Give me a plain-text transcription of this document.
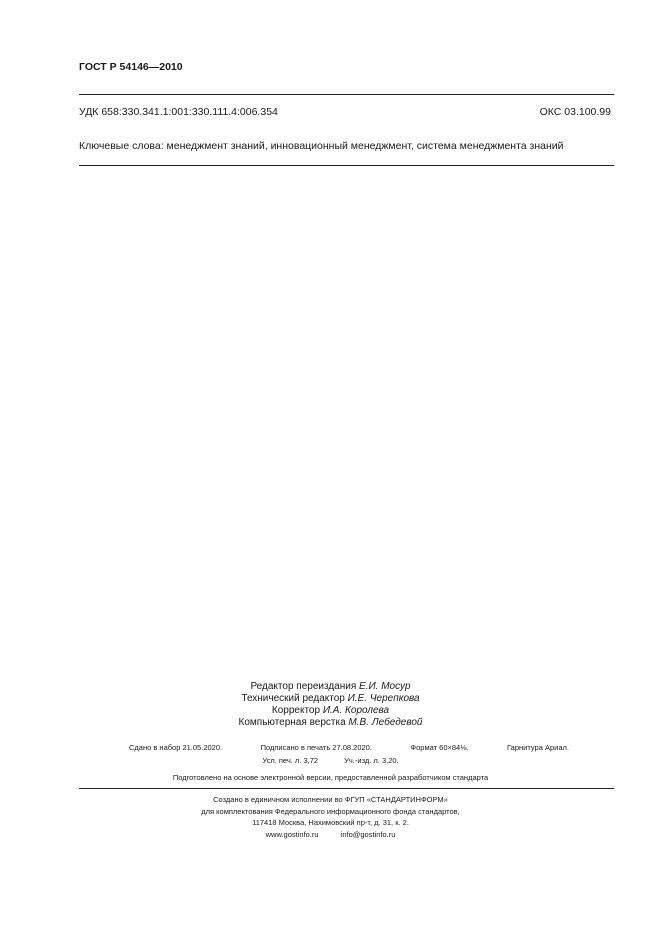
ГОСТ Р 54146—2010
УДК 658:330.341.1:001:330.111.4:006.354	ОКС 03.100.99
Ключевые слова: менеджмент знаний, инновационный менеджмент, система менеджмента знаний
Редактор переиздания Е.И. Мосур
Технический редактор И.Е. Черепкова
Корректор И.А. Королева
Компьютерная верстка М.В. Лебедевой
Сдано в набор 21.05.2020.	Подписано в печать 27.08.2020.	Формат 60×84⅛.	Гарнитура Ариал.
Усл. печ. л. 3,72	Уч.-изд. л. 3,20.
Подготовлено на основе электронной версии, предоставленной разработчиком стандарта
Создано в единичном исполнении во ФГУП «СТАНДАРТИНФОРМ»
для комплектования Федерального информационного фонда стандартов,
117418 Москва, Нахимовский пр-т, д. 31, к. 2.
www.gostinfo.ru	info@gostinfo.ru
